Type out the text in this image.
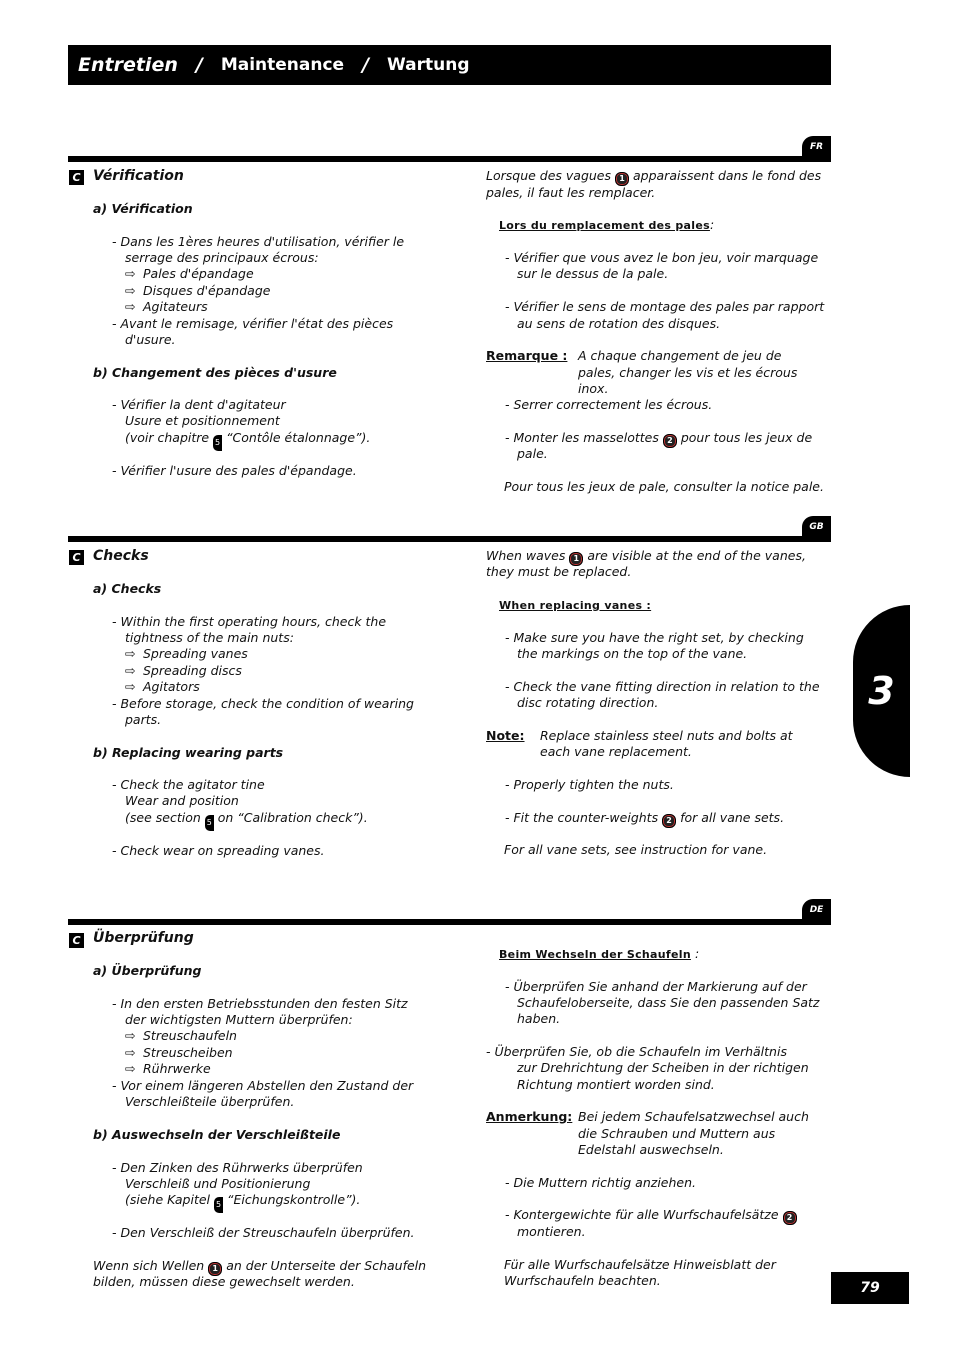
Entretien / Maintenance / Wartung
FR
C Vérification
a) Vérification
- Dans les 1ères heures d'utilisation, vérifier le
serrage des principaux écrous:
⇨ Pales d'épandage
⇨ Disques d'épandage
⇨ Agitateurs
- Avant le remisage, vérifier l'état des pièces
d'usure.
b) Changement des pièces d'usure
- Vérifier la dent d'agitateur
Usure et positionnement
(voir chapitre 5 “Contôle étalonnage”).
- Vérifier l'usure des pales d'épandage.
Lorsque des vagues 1 apparaissent dans le fond des
pales, il faut les remplacer.
Lors du remplacement des pales:
- Vérifier que vous avez le bon jeu, voir marquage
sur le dessus de la pale.
- Vérifier le sens de montage des pales par rapport
au sens de rotation des disques.
Remarque : A chaque changement de jeu de
pales, changer les vis et les écrous
inox.
- Serrer correctement les écrous.
- Monter les masselottes 2 pour tous les jeux de
pale.
Pour tous les jeux de pale, consulter la notice pale.
GB
C Checks
a) Checks
- Within the first operating hours, check the
tightness of the main nuts:
⇨ Spreading vanes
⇨ Spreading discs
⇨ Agitators
- Before storage, check the condition of wearing
parts.
b) Replacing wearing parts
- Check the agitator tine
Wear and position
(see section 5 on “Calibration check”).
- Check wear on spreading vanes.
When waves 1 are visible at the end of the vanes,
they must be replaced.
When replacing vanes :
- Make sure you have the right set, by checking
the markings on the top of the vane.
- Check the vane fitting direction in relation to the
disc rotating direction.
Note: Replace stainless steel nuts and bolts at
each vane replacement.
- Properly tighten the nuts.
- Fit the counter-weights 2 for all vane sets.
For all vane sets, see instruction for vane.
3
DE
C Überprüfung
a) Überprüfung
- In den ersten Betriebsstunden den festen Sitz
der wichtigsten Muttern überprüfen:
⇨ Streuschaufeln
⇨ Streuscheiben
⇨ Rührwerke
- Vor einem längeren Abstellen den Zustand der
Verschleißteile überprüfen.
b) Auswechseln der Verschleißteile
- Den Zinken des Rührwerks überprüfen
Verschleiß und Positionierung
(siehe Kapitel 5 “Eichungskontrolle”).
- Den Verschleiß der Streuschaufeln überprüfen.
Wenn sich Wellen 1 an der Unterseite der Schaufeln
bilden, müssen diese gewechselt werden.
Beim Wechseln der Schaufeln :
- Überprüfen Sie anhand der Markierung auf der
Schaufeloberseite, dass Sie den passenden Satz
haben.
- Überprüfen Sie, ob die Schaufeln im Verhältnis
zur Drehrichtung der Scheiben in der richtigen
Richtung montiert worden sind.
Anmerkung: Bei jedem Schaufelsatzwechsel auch
die Schrauben und Muttern aus
Edelstahl auswechseln.
- Die Muttern richtig anziehen.
- Kontergewichte für alle Wurfschaufelsätze 2
montieren.
Für alle Wurfschaufelsätze Hinweisblatt der
Wurfschaufeln beachten.	79
